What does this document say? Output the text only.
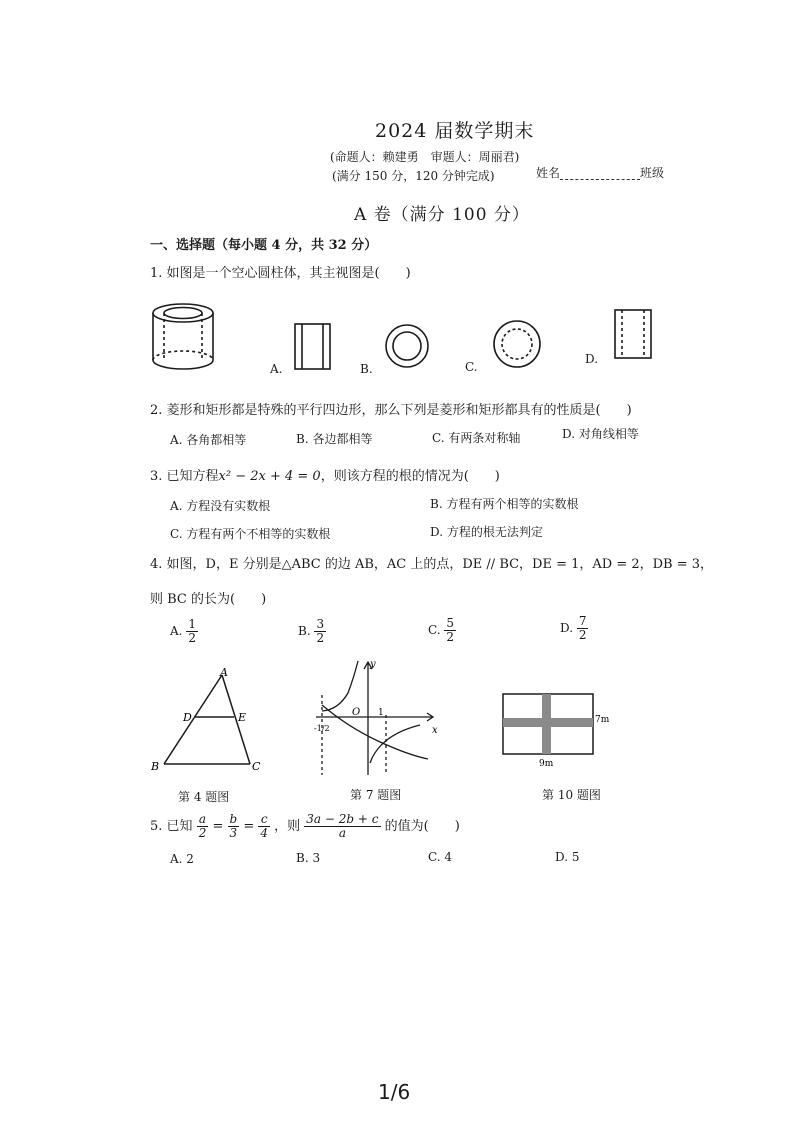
2024 届数学期末
(命题人：赖建勇　审题人：周丽君)
(满分 150 分，120 分钟完成)	姓名	班级
A 卷（满分 100 分）
一、选择题（每小题 4 分，共 32 分）
1. 如图是一个空心圆柱体，其主视图是(　　)
A.	B.	C.
D.
2. 菱形和矩形都是特殊的平行四边形，那么下列是菱形和矩形都具有的性质是(　　)
A. 各角都相等	B. 各边都相等	C. 有两条对称轴	D. 对角线相等
3. 已知方程x² − 2x + 4 = 0，则该方程的根的情况为(　　)
A. 方程没有实数根	B. 方程有两个相等的实数根
C. 方程有两个不相等的实数根	D. 方程的根无法判定
4. 如图，D，E 分别是△ABC 的边 AB，AC 上的点，DE // BC，DE = 1，AD = 2，DB = 3，
则 BC 的长为(　　)
A. $\frac{1}{2}$	B. $\frac{3}{2}$	C. $\frac{5}{2}$	D. $\frac{7}{2}$
A
B	C
D	E
第 4 题图
y
x
O 1
-1/2
第 7 题图
7m
9m
第 10 题图
5. 已知 $\frac{a}{2} = \frac{b}{3} = \frac{c}{4}$ ，则 $\frac{3a - 2b + c}{a}$ 的值为(　　)
A. 2	B. 3	C. 4	D. 5
1/6
